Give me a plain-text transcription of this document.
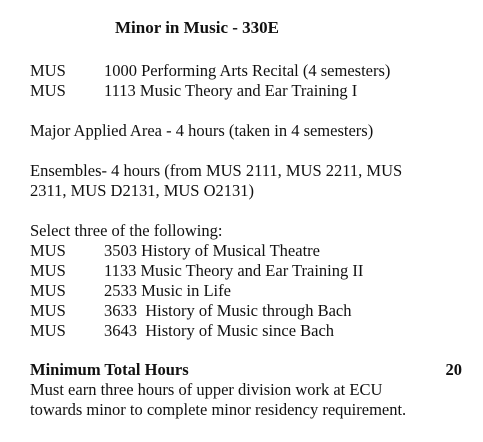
Minor in Music - 330E
MUS	1000 Performing Arts Recital (4 semesters)
MUS	1113 Music Theory and Ear Training I
Major Applied Area - 4 hours (taken in 4 semesters)
Ensembles- 4 hours (from MUS 2111, MUS 2211, MUS
2311, MUS D2131, MUS O2131)
Select three of the following:
MUS	3503 History of Musical Theatre
MUS	1133 Music Theory and Ear Training II
MUS	2533 Music in Life
MUS	3633  History of Music through Bach
MUS	3643  History of Music since Bach
Minimum Total Hours	20
Must earn three hours of upper division work at ECU
towards minor to complete minor residency requirement.
